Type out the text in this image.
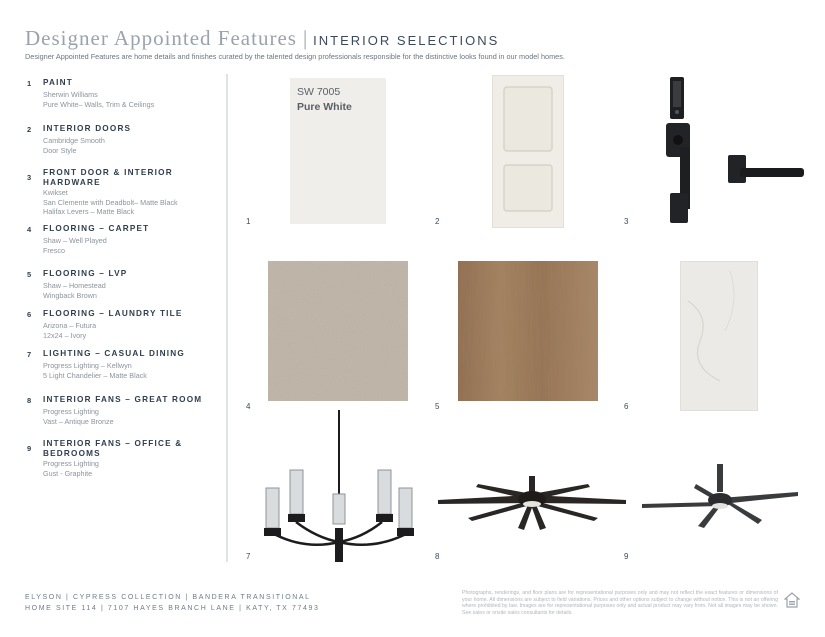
Designer Appointed Features | INTERIOR SELECTIONS
Designer Appointed Features are home details and finishes curated by the talented design professionals responsible for the distinctive looks found in our model homes.
1 PAINT
Sherwin Williams
Pure White– Walls, Trim & Ceilings
2 INTERIOR DOORS
Cambridge Smooth
Door Style
3
FRONT DOOR & INTERIOR HARDWARE
Kwikset
San Clemente with Deadbolt– Matte Black
Halifax Levers – Matte Black
4 FLOORING – CARPET
Shaw – Well Played
Fresco
5 FLOORING – LVP
Shaw – Homestead
Wingback Brown
6 FLOORING – LAUNDRY TILE
Arizona – Futura
12x24 – Ivory
7 LIGHTING – CASUAL DINING
Progress Lighting – Kellwyn
5 Light Chandelier – Matte Black
8 INTERIOR FANS – GREAT ROOM
Progress Lighting
Vast – Antique Bronze
9
INTERIOR FANS – OFFICE & BEDROOMS
Progress Lighting
Gust - Graphite
SW 7005
Pure White
1	2	3
4	5	6
7	8	9
ELYSON | CYPRESS COLLECTION | BANDERA TRANSITIONAL
HOME SITE 114 | 7107 HAYES BRANCH LANE | KATY, TX 77493
Photographs, renderings, and floor plans are for representational purposes only and may not reflect the exact features or dimensions of your home. All dimensions are subject to field variations. Prices and other options subject to change without notice. This is not an offering where prohibited by law. Images are for representational purposes only and actual product may vary from. Not all images may be shown. See sales or onsite sales consultants for details.
